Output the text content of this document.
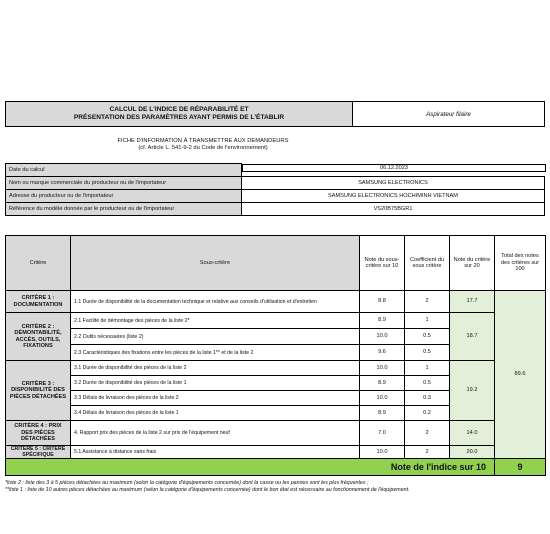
CALCUL DE L'INDICE DE RÉPARABILITÉ ET
PRÉSENTATION DES PARAMÈTRES AYANT PERMIS DE L'ÉTABLIR	Aspirateur filaire
FICHE D'INFORMATION À TRANSMETTRE AUX DEMANDEURS
(cf. Article L. 541-9-2 du Code de l'environnement)
Date du calcul		06.12.2023

Nom ou marque commerciale du producteur ou de l'importateur	SAMSUNG ELECTRONICS
Adresse du producteur ou de l'importateur	SAMSUNG ELECTRONICS HOCHIMINH VIETNAM
Référence du modèle donnée par le producteur ou de l'importateur	VS20B75BGR1
Critère	Sous-critère	Note du sous-critère sur 10	Coefficient du sous critère	Note du critère sur 20	Total des notes des critères sur 100
CRITÈRE 1 : DOCUMENTATION	1.1 Durée de disponibilité de la documentation technique et relative aux conseils d'utilisation et d'entretien	8.8	2	17.7	89.6
CRITÈRE 2 : DÉMONTABILITÉ, ACCÈS, OUTILS, FIXATIONS	2.1 Facilité de démontage des pièces de la liste 2*	8.9	1	18.7	
	2.2 Outils nécessaires (liste 2)	10.0	0.5		
	2.3 Caractéristiques des fixations entre les pièces de la liste 1** et de la liste 2	9.6	0.5		
CRITÈRE 3 : DISPONIBILITÉ DES PIÈCES DÉTACHÉES	3.1 Durée de disponibilité des pièces de la liste 2	10.0	1	19.2	
	3.2 Durée de disponibilité des pièces de la liste 1	8.9	0.5		
	3.3 Délais de livraison des pièces de la liste 2	10.0	0.3		
	3.4 Délais de livraison des pièces de la liste 1	8.9	0.2		
CRITÈRE 4 : PRIX DES PIÈCES DÉTACHÉES	4. Rapport prix des pièces de la liste 2 sur prix de l'équipement neuf	7.0	2	14.0	
CRITÈRE 5 : CRITÈRE SPÉCIFIQUE	5.1 Assistance à distance sans frais	10.0	2	20.0	
Note de l'indice sur 10					9
*liste 2 : liste des 3 à 5 pièces détachées au maximum (selon la catégorie d'équipements concernée) dont la casse ou les pannes sont les plus fréquentes ;
**liste 1 : liste de 10 autres pièces détachées au maximum (selon la catégorie d'équipements concernée) dont le bon état est nécessaire au fonctionnement de l'équipement.
